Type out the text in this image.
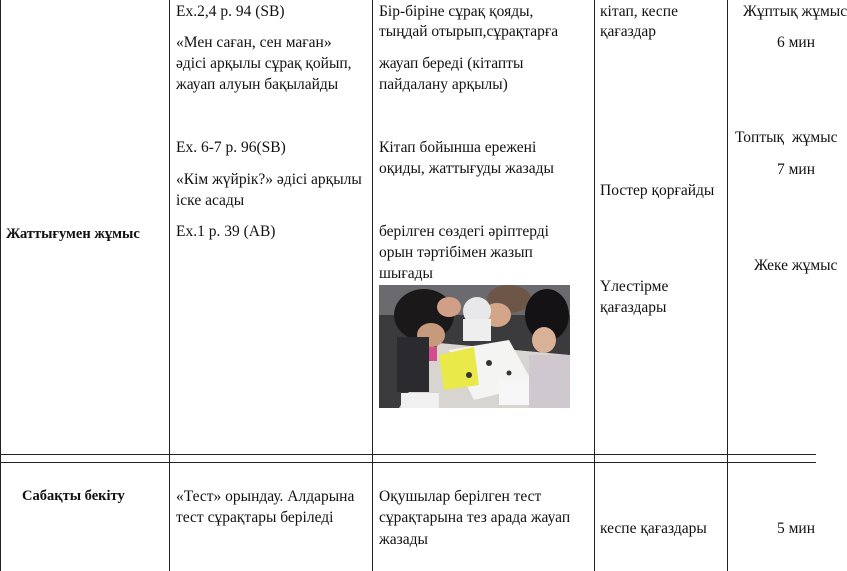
Жаттығумен жұмыс
Ex.2,4 p. 94 (SB)
«Мен саған, сен маған»
әдісі арқылы сұрақ қойып,
жауап алуын бақылайды
Ex. 6-7 p. 96(SB)
«Кім жүйрік?» әдісі арқылы
іске асады
Ex.1 p. 39 (AB)
Бір-біріне сұрақ қояды,
тыңдай отырып,сұрақтарға
жауап береді (кітапты
пайдалану арқылы)
Кітап бойынша ережені
оқиды, жаттығуды жазады
берілген сөздегі әріптерді
орын тәртібімен жазып
шығады
кітап, кеспе
қағаздар
Постер қорғайды
Үлестірме
қағаздары
Жұптық жұмыс
6 мин
Топтық жұмыс
7 мин
Жеке жұмыс
Сабақты бекіту	«Тест» орындау. Алдарына
тест сұрақтары беріледі
Оқушылар берілген тест
сұрақтарына тез арада жауап
жазады
кеспе қағаздары	5 мин
